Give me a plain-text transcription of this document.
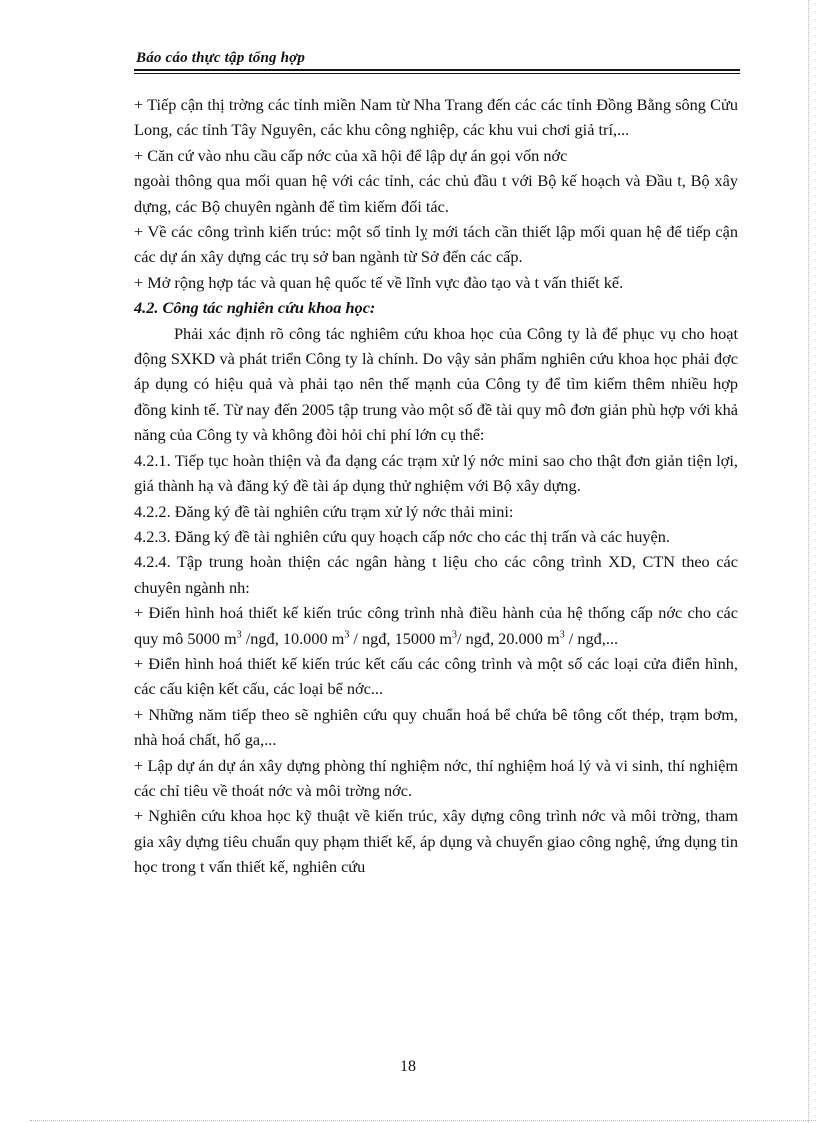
Báo cáo thực tập tổng hợp

+ Tiếp cận thị trờng các tỉnh miền Nam từ Nha Trang đến các các tỉnh Đồng Bằng sông Cửu Long, các tỉnh Tây Nguyên, các khu công nghiệp, các khu vui chơi giả trí,...

+ Căn cứ vào nhu cầu cấp nớc của xã hội để lập dự án gọi vốn nớc

ngoài thông qua mối quan hệ với các tỉnh, các chủ đầu t với Bộ kế hoạch và Đầu t, Bộ xây dựng, các Bộ chuyên ngành để tìm kiếm đối tác.

+ Về các công trình kiến trúc: một số tỉnh lỵ mới tách cần thiết lập mối quan hệ để tiếp cận các dự án xây dựng các trụ sở ban ngành từ Sở đến các cấp.

+ Mở rộng hợp tác và quan hệ quốc tế về lĩnh vực đào tạo và t vấn thiết kế.

4.2. Công tác nghiên cứu khoa học:

Phải xác định rõ công tác nghiêm cứu khoa học của Công ty là để phục vụ cho hoạt động SXKD và phát triển Công ty là chính. Do vậy sản phẩm nghiên cứu khoa học phải đợc áp dụng có hiệu quả và phải tạo nên thế mạnh của Công ty để tìm kiếm thêm nhiều hợp đồng kinh tế. Từ nay đến 2005 tập trung vào một số đề tài quy mô đơn giản phù hợp với khả năng của Công ty và không đòi hỏi chi phí lớn cụ thể:

4.2.1. Tiếp tục hoàn thiện và đa dạng các trạm xử lý nớc mini sao cho thật đơn giản tiện lợi, giá thành hạ và đăng ký đề tài áp dụng thử nghiệm với Bộ xây dựng.

4.2.2. Đăng ký đề tài nghiên cứu trạm xử lý nớc thải mini:

4.2.3. Đăng ký đề tài nghiên cứu quy hoạch cấp nớc cho các thị trấn và các huyện.

4.2.4. Tập trung hoàn thiện các ngân hàng t liệu cho các công trình XD, CTN theo các chuyên ngành nh:

+ Điển hình hoá thiết kế kiến trúc công trình nhà điều hành của hệ thống cấp nớc cho các quy mô 5000 $m^3$ /ngđ, 10.000 $m^3$ / ngđ, 15000 $m^3/$ ngđ, 20.000 $m^3$ / ngđ,...

+ Điển hình hoá thiết kế kiến trúc kết cấu các công trình và một số các loại cửa điển hình, các cấu kiện kết cấu, các loại bể nớc...

+ Những năm tiếp theo sẽ nghiên cứu quy chuẩn hoá bể chứa bê tông cốt thép, trạm bơm, nhà hoá chất, hố ga,...

+ Lập dự án dự án xây dựng phòng thí nghiệm nớc, thí nghiệm hoá lý và vi sinh, thí nghiệm các chỉ tiêu về thoát nớc và môi trờng nớc.

+ Nghiên cứu khoa học kỹ thuật về kiến trúc, xây dựng công trình nớc và môi trờng, tham gia xây dựng tiêu chuẩn quy phạm thiết kế, áp dụng và chuyển giao công nghệ, ứng dụng tin học trong t vấn thiết kế, nghiên cứu

18
